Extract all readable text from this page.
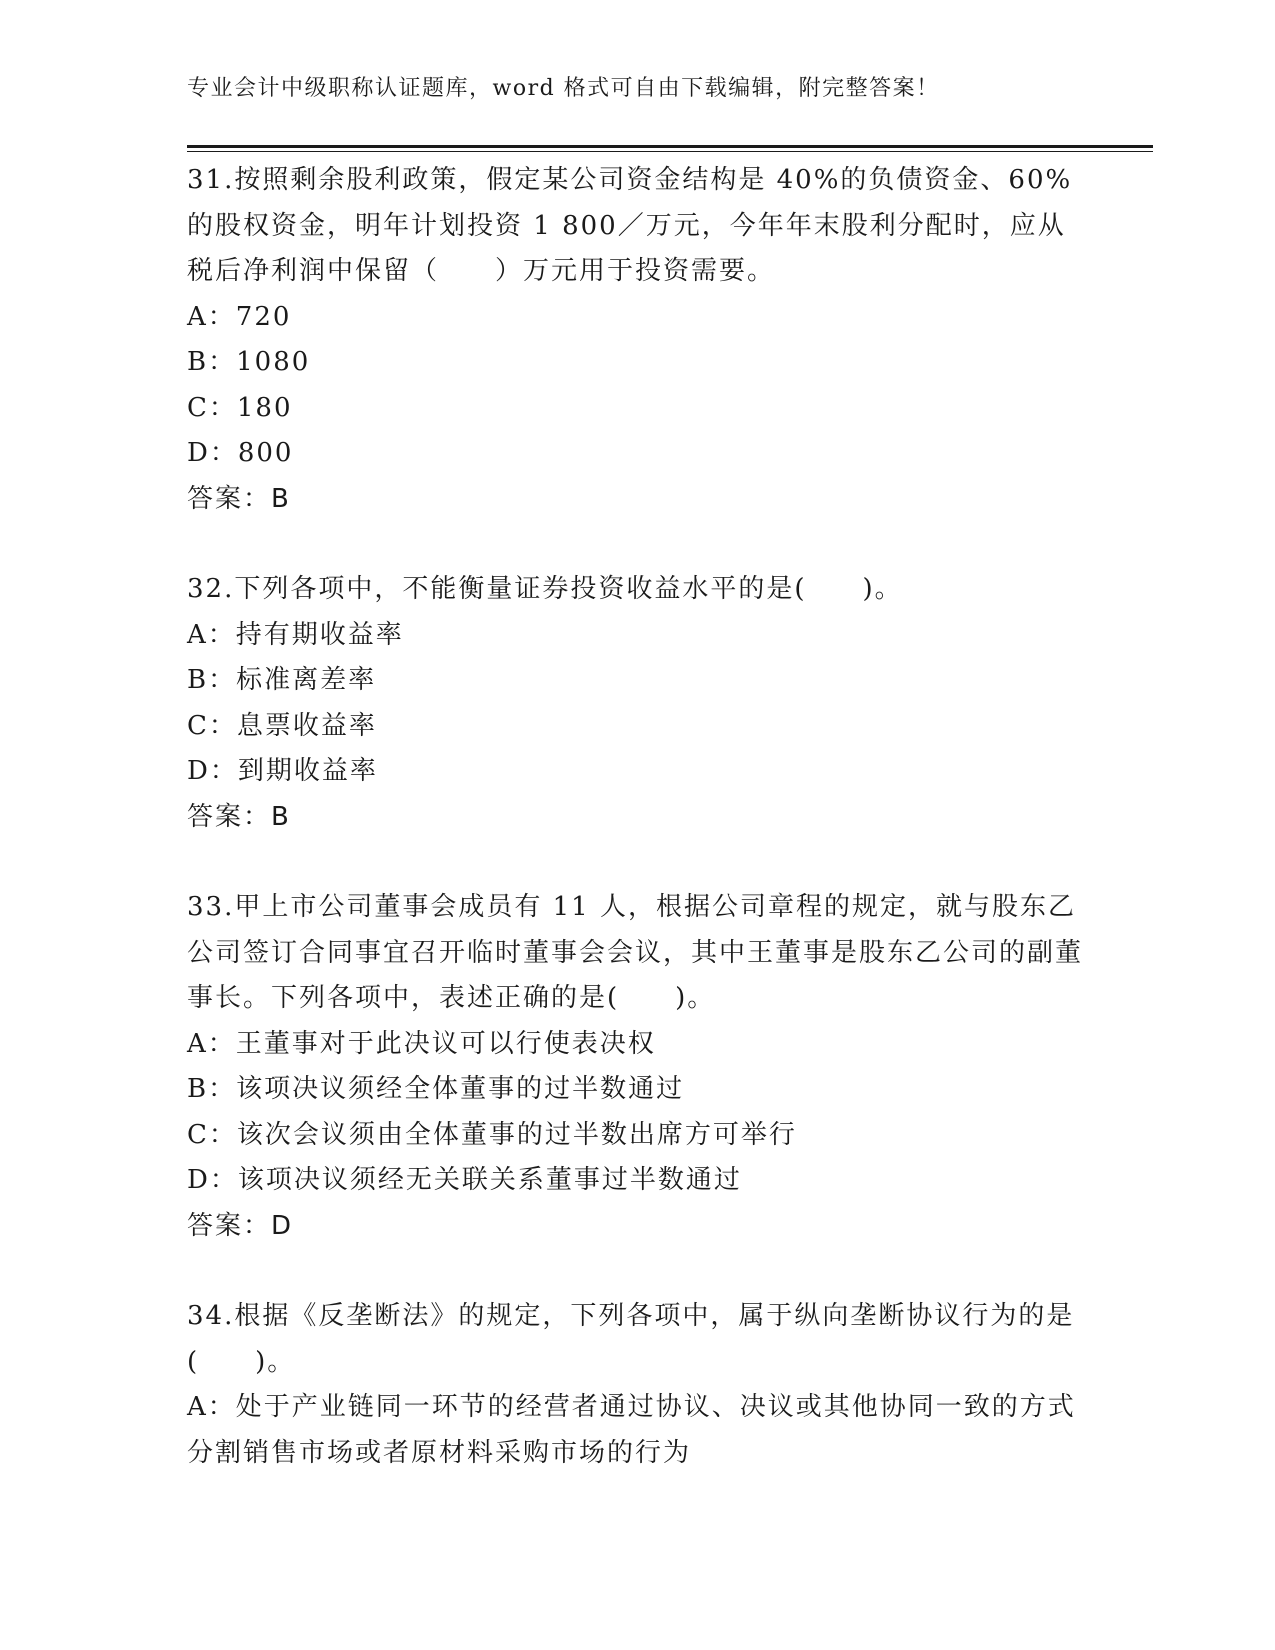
专业会计中级职称认证题库，word 格式可自由下载编辑，附完整答案！

31.按照剩余股利政策，假定某公司资金结构是 40%的负债资金、60%的股权资金，明年计划投资 1 800／万元，今年年末股利分配时，应从税后净利润中保留（　　）万元用于投资需要。

A：720

B：1080

C：180

D：800

答案：B

32.下列各项中，不能衡量证券投资收益水平的是(　　)。

A：持有期收益率

B：标准离差率

C：息票收益率

D：到期收益率

答案：B

33.甲上市公司董事会成员有 11 人，根据公司章程的规定，就与股东乙公司签订合同事宜召开临时董事会会议，其中王董事是股东乙公司的副董事长。下列各项中，表述正确的是(　　)。

A：王董事对于此决议可以行使表决权

B：该项决议须经全体董事的过半数通过

C：该次会议须由全体董事的过半数出席方可举行

D：该项决议须经无关联关系董事过半数通过

答案：D

34.根据《反垄断法》的规定，下列各项中，属于纵向垄断协议行为的是(　　)。

A：处于产业链同一环节的经营者通过协议、决议或其他协同一致的方式分割销售市场或者原材料采购市场的行为
